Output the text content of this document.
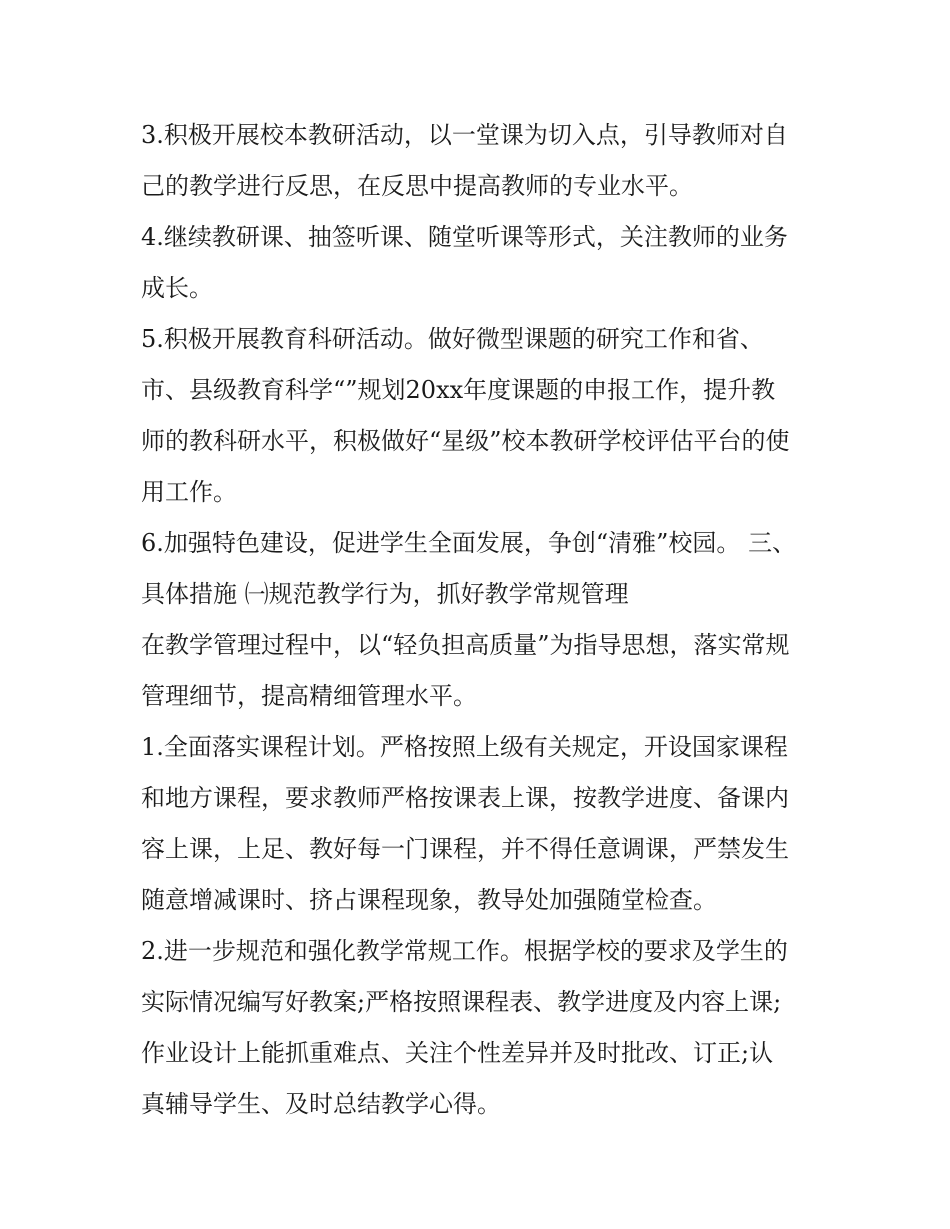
3.积极开展校本教研活动，以一堂课为切入点，引导教师对自
己的教学进行反思，在反思中提高教师的专业水平。
4.继续教研课、抽签听课、随堂听课等形式，关注教师的业务
成长。
5.积极开展教育科研活动。做好微型课题的研究工作和省、
市、县级教育科学“”规划20xx年度课题的申报工作，提升教
师的教科研水平，积极做好“星级”校本教研学校评估平台的使
用工作。
6.加强特色建设，促进学生全面发展，争创“清雅”校园。 三、
具体措施 ㈠规范教学行为，抓好教学常规管理
在教学管理过程中，以“轻负担高质量”为指导思想，落实常规
管理细节，提高精细管理水平。
1.全面落实课程计划。严格按照上级有关规定，开设国家课程
和地方课程，要求教师严格按课表上课，按教学进度、备课内
容上课，上足、教好每一门课程，并不得任意调课，严禁发生
随意增减课时、挤占课程现象，教导处加强随堂检查。
2.进一步规范和强化教学常规工作。根据学校的要求及学生的
实际情况编写好教案;严格按照课程表、教学进度及内容上课;
作业设计上能抓重难点、关注个性差异并及时批改、订正;认
真辅导学生、及时总结教学心得。
